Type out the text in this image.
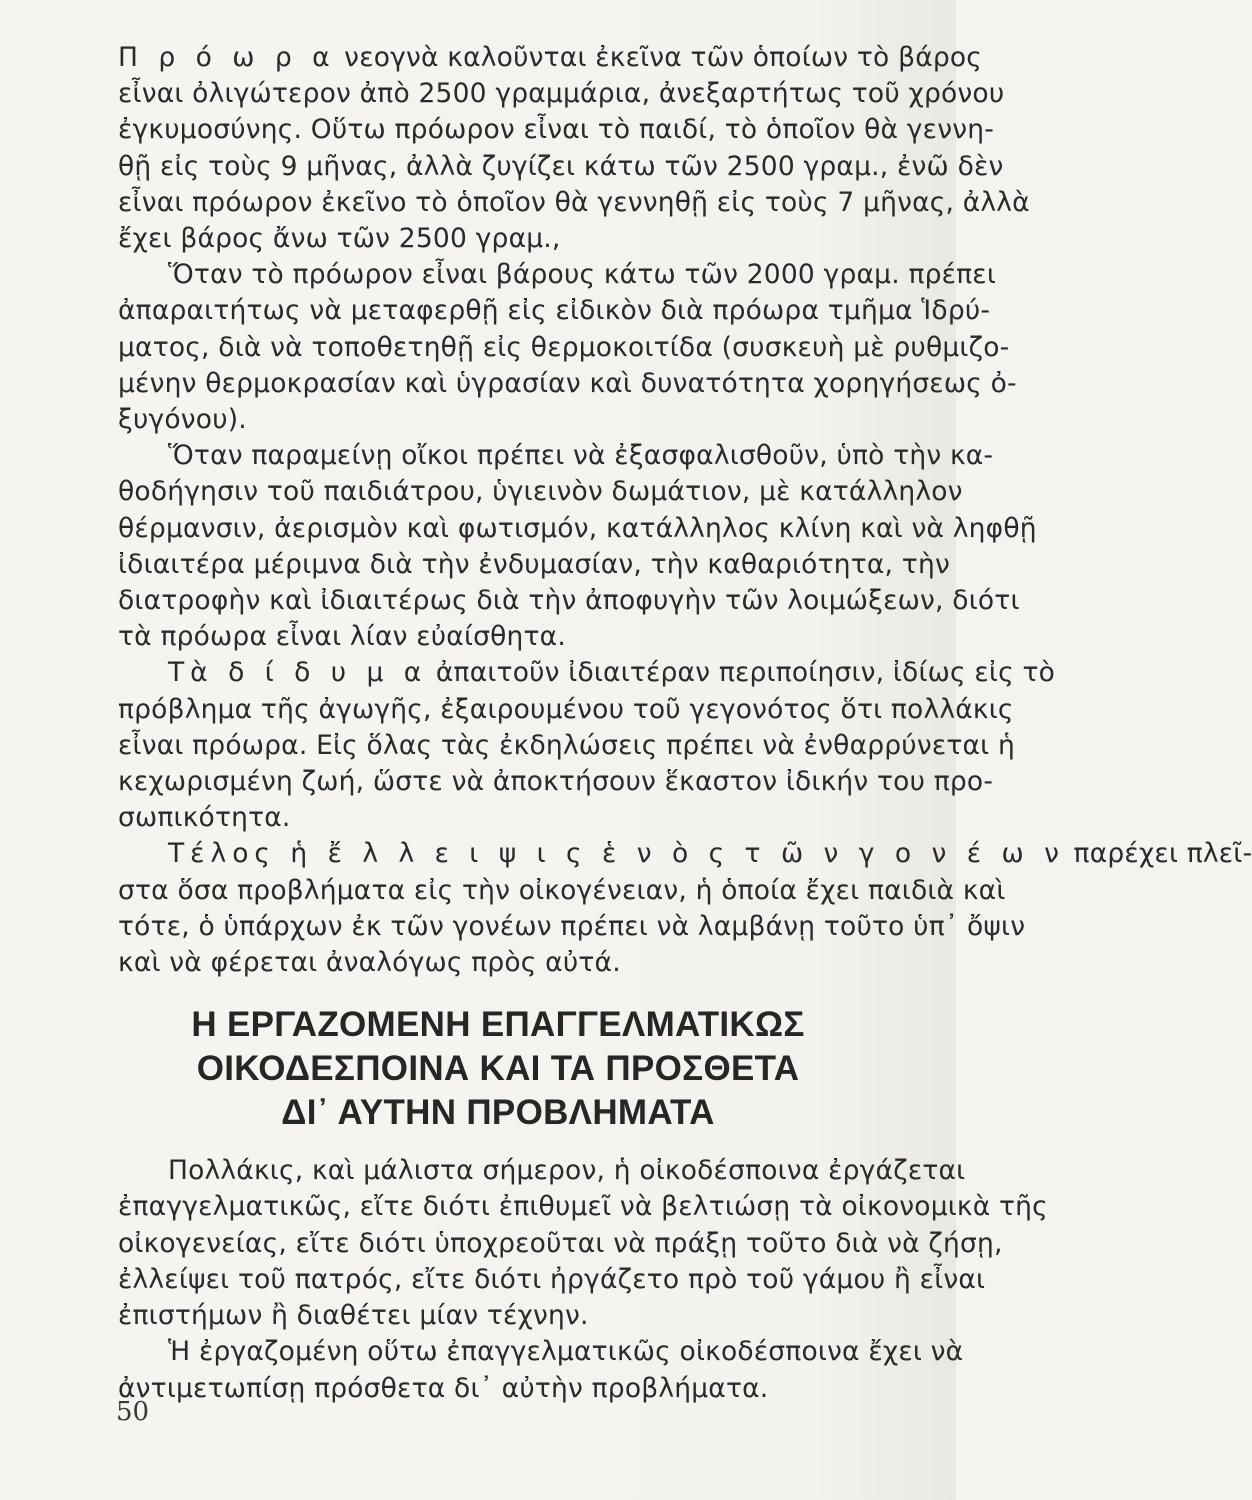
Π ρ ό ω ρ α νεογνὰ καλοῦνται ἐκεῖνα τῶν ὁποίων τὸ βάρος

εἶναι ὀλιγώτερον ἀπὸ 2500 γραμμάρια, ἀνεξαρτήτως τοῦ χρόνου

ἐγκυμοσύνης. Οὕτω πρόωρον εἶναι τὸ παιδί, τὸ ὁποῖον θὰ γεννη-

θῇ εἰς τοὺς 9 μῆνας, ἀλλὰ ζυγίζει κάτω τῶν 2500 γραμ., ἐνῶ δὲν

εἶναι πρόωρον ἐκεῖνο τὸ ὁποῖον θὰ γεννηθῇ εἰς τοὺς 7 μῆνας, ἀλλὰ

ἔχει βάρος ἄνω τῶν 2500 γραμ.,

Ὅταν τὸ πρόωρον εἶναι βάρους κάτω τῶν 2000 γραμ. πρέπει

ἀπαραιτήτως νὰ μεταφερθῇ εἰς εἰδικὸν διὰ πρόωρα τμῆμα Ἱδρύ-

ματος, διὰ νὰ τοποθετηθῇ εἰς θερμοκοιτίδα (συσκευὴ μὲ ρυθμιζο-

μένην θερμοκρασίαν καὶ ὑγρασίαν καὶ δυνατότητα χορηγήσεως ὀ-

ξυγόνου).

Ὅταν παραμείνῃ οἴκοι πρέπει νὰ ἐξασφαλισθοῦν, ὑπὸ τὴν κα-

θοδήγησιν τοῦ παιδιάτρου, ὑγιεινὸν δωμάτιον, μὲ κατάλληλον

θέρμανσιν, ἀερισμὸν καὶ φωτισμόν, κατάλληλος κλίνη καὶ νὰ ληφθῇ

ἰδιαιτέρα μέριμνα διὰ τὴν ἐνδυμασίαν, τὴν καθαριότητα, τὴν

διατροφὴν καὶ ἰδιαιτέρως διὰ τὴν ἀποφυγὴν τῶν λοιμώξεων, διότι

τὰ πρόωρα εἶναι λίαν εὐαίσθητα.

Τὰ δ ί δ υ μ α ἀπαιτοῦν ἰδιαιτέραν περιποίησιν, ἰδίως εἰς τὸ

πρόβλημα τῆς ἀγωγῆς, ἐξαιρουμένου τοῦ γεγονότος ὅτι πολλάκις

εἶναι πρόωρα. Εἰς ὅλας τὰς ἐκδηλώσεις πρέπει νὰ ἐνθαρρύνεται ἡ

κεχωρισμένη ζωή, ὥστε νὰ ἀποκτήσουν ἕκαστον ἰδικήν του προ-

σωπικότητα.

Τέλος ἡ ἔ λ λ ε ι ψ ι ς ἑ ν ὸ ς τ ῶ ν γ ο ν έ ω ν παρέχει πλεῖ-

στα ὅσα προβλήματα εἰς τὴν οἰκογένειαν, ἡ ὁποία ἔχει παιδιὰ καὶ

τότε, ὁ ὑπάρχων ἐκ τῶν γονέων πρέπει νὰ λαμβάνῃ τοῦτο ὑπ᾽ ὄψιν

καὶ νὰ φέρεται ἀναλόγως πρὸς αὐτά.

Η ΕΡΓΑΖΟΜΕΝΗ ΕΠΑΓΓΕΛΜΑΤΙΚΩΣ
ΟΙΚΟΔΕΣΠΟΙΝΑ ΚΑΙ ΤΑ ΠΡΟΣΘΕΤΑ
ΔΙ᾽ ΑΥΤΗΝ ΠΡΟΒΛΗΜΑΤΑ

Πολλάκις, καὶ μάλιστα σήμερον, ἡ οἰκοδέσποινα ἐργάζεται

ἐπαγγελματικῶς, εἴτε διότι ἐπιθυμεῖ νὰ βελτιώσῃ τὰ οἰκονομικὰ τῆς

οἰκογενείας, εἴτε διότι ὑποχρεοῦται νὰ πράξῃ τοῦτο διὰ νὰ ζήσῃ,

ἐλλείψει τοῦ πατρός, εἴτε διότι ἠργάζετο πρὸ τοῦ γάμου ἢ εἶναι

ἐπιστήμων ἢ διαθέτει μίαν τέχνην.

Ἡ ἐργαζομένη οὕτω ἐπαγγελματικῶς οἰκοδέσποινα ἔχει νὰ

ἀντιμετωπίσῃ πρόσθετα δι᾽ αὐτὴν προβλήματα.

50
